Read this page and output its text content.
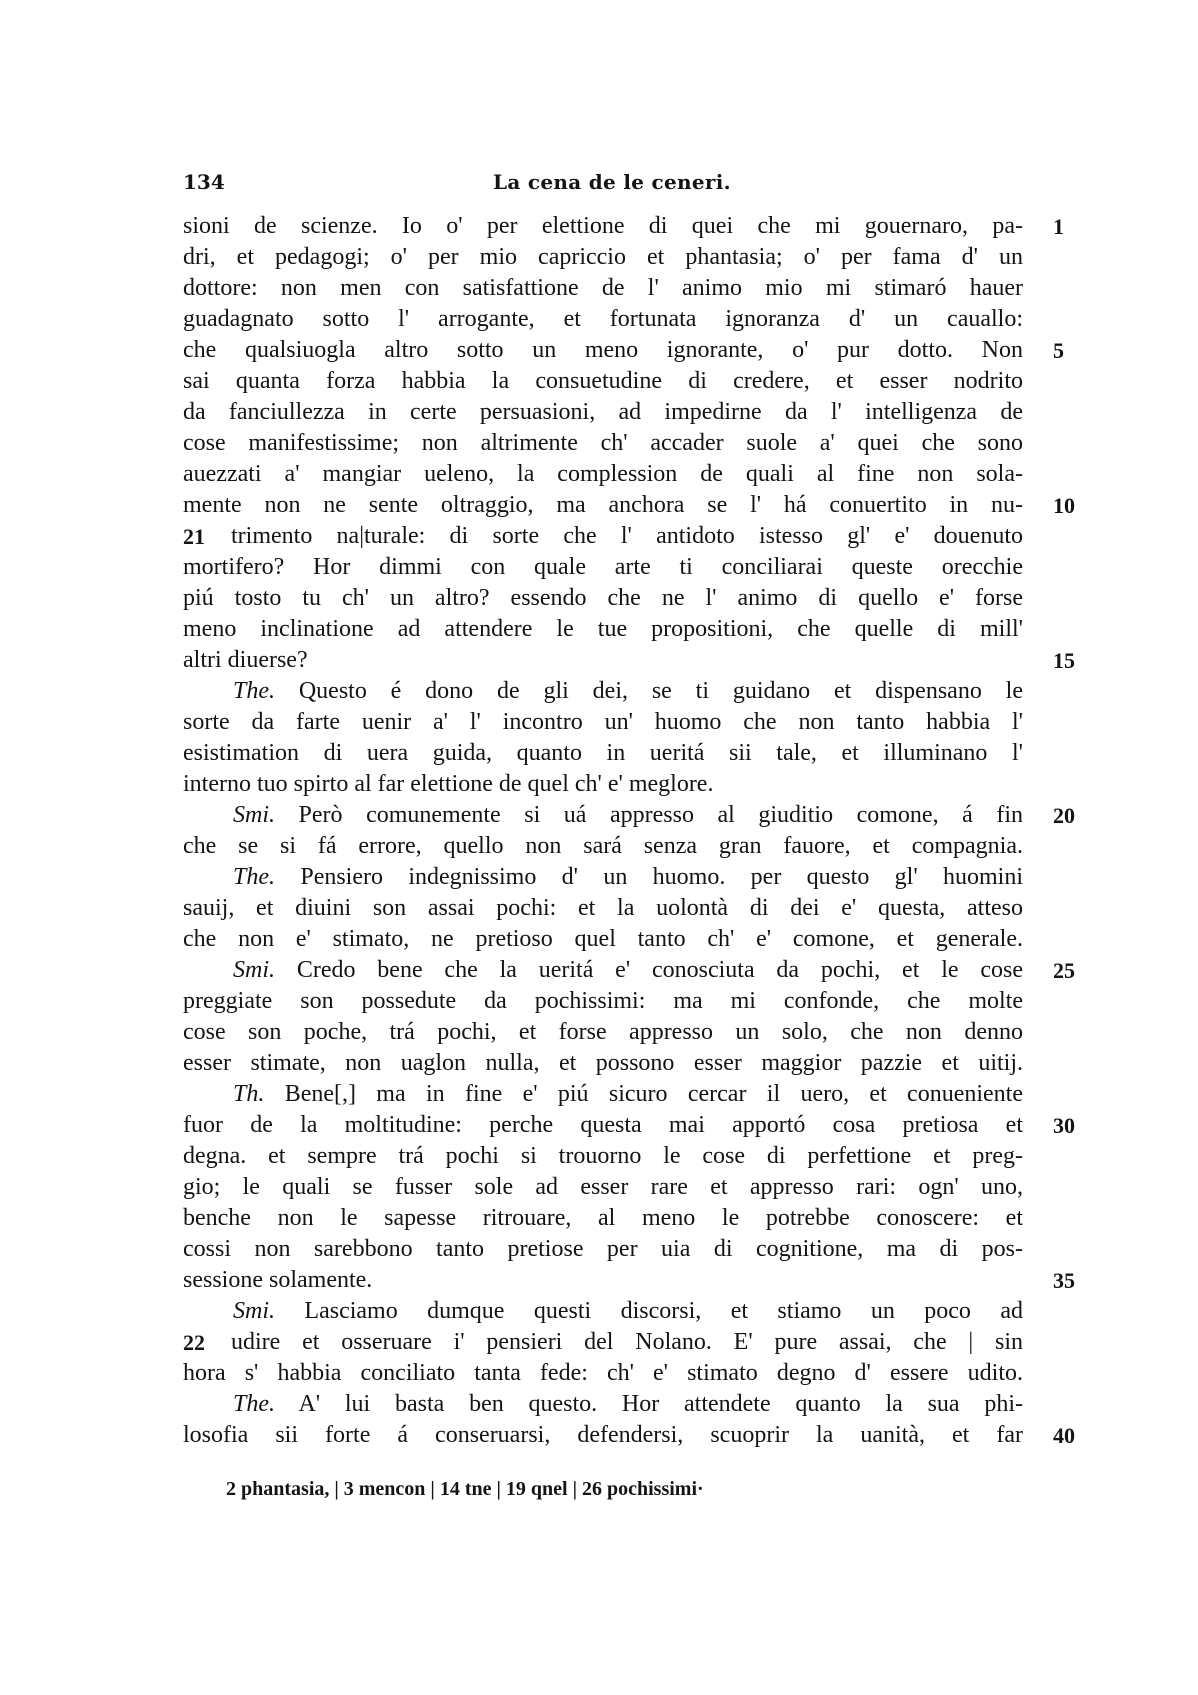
134	La cena de le ceneri.
sioni de scienze. Io o' per elettione di quei che mi gouernaro, pa- 1
dri, et pedagogi; o' per mio capriccio et phantasia; o' per fama d' un
dottore: non men con satisfattione de l' animo mio mi stimaró hauer
guadagnato sotto l' arrogante, et fortunata ignoranza d' un cauallo:
che qualsiuogla altro sotto un meno ignorante, o' pur dotto. Non 5
sai quanta forza habbia la consuetudine di credere, et esser nodrito
da fanciullezza in certe persuasioni, ad impedirne da l' intelligenza de
cose manifestissime; non altrimente ch' accader suole a' quei che sono
auezzati a' mangiar ueleno, la complession de quali al fine non sola-
mente non ne sente oltraggio, ma anchora se l' há conuertito in nu- 10
trimento na|turale: di sorte che l' antidoto istesso gl' e' douenuto
21
mortifero? Hor dimmi con quale arte ti conciliarai queste orecchie
piú tosto tu ch' un altro? essendo che ne l' animo di quello e' forse
meno inclinatione ad attendere le tue propositioni, che quelle di mill'
altri diuerse?	15
The. Questo é dono de gli dei, se ti guidano et dispensano le
sorte da farte uenir a' l' incontro un' huomo che non tanto habbia l'
esistimation di uera guida, quanto in ueritá sii tale, et illuminano l'
interno tuo spirto al far elettione de quel ch' e' meglore.
Smi. Però comunemente si uá appresso al giuditio comone, á fin 20
che se si fá errore, quello non sará senza gran fauore, et compagnia.
The. Pensiero indegnissimo d' un huomo. per questo gl' huomini
sauij, et diuini son assai pochi: et la uolontà di dei e' questa, atteso
che non e' stimato, ne pretioso quel tanto ch' e' comone, et generale.
Smi. Credo bene che la ueritá e' conosciuta da pochi, et le cose 25
preggiate son possedute da pochissimi: ma mi confonde, che molte
cose son poche, trá pochi, et forse appresso un solo, che non denno
esser stimate, non uaglon nulla, et possono esser maggior pazzie et uitij.
Th. Bene[,] ma in fine e' piú sicuro cercar il uero, et conueniente
fuor de la moltitudine: perche questa mai apportó cosa pretiosa et 30
degna. et sempre trá pochi si trouorno le cose di perfettione et preg-
gio; le quali se fusser sole ad esser rare et appresso rari: ogn' uno,
benche non le sapesse ritrouare, al meno le potrebbe conoscere: et
cossi non sarebbono tanto pretiose per uia di cognitione, ma di pos-
sessione solamente.	35
Smi. Lasciamo dumque questi discorsi, et stiamo un poco ad
udire et osseruare i' pensieri del Nolano. E' pure assai, che | sin
22
hora s' habbia conciliato tanta fede: ch' e' stimato degno d' essere udito.
The. A' lui basta ben questo. Hor attendete quanto la sua phi-
losofia sii forte á conseruarsi, defendersi, scuoprir la uanità, et far 40
2 phantasia, | 3 mencon | 14 tne | 19 qnel | 26 pochissimi·
